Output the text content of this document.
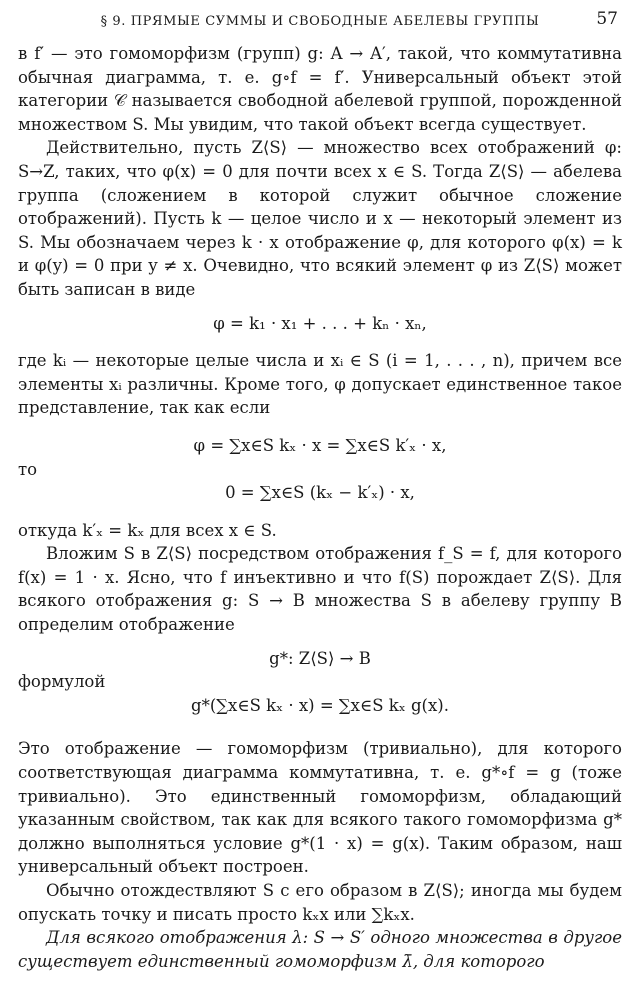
§ 9. ПРЯМЫЕ СУММЫ И СВОБОДНЫЕ АБЕЛЕВЫ ГРУППЫ	57

в f′ — это гомоморфизм (групп) g: A → A′, такой, что коммутативна обычная диаграмма, т. е. g∘f = f′. Универсальный объект этой категории 𝒞 называется свободной абелевой группой, порожденной множеством S. Мы увидим, что такой объект всегда существует.

Действительно, пусть Z⟨S⟩ — множество всех отображений φ: S→Z, таких, что φ(x) = 0 для почти всех x ∈ S. Тогда Z⟨S⟩ — абелева группа (сложением в которой служит обычное сложение отображений). Пусть k — целое число и x — некоторый элемент из S. Мы обозначаем через k · x отображение φ, для которого φ(x) = k и φ(y) = 0 при y ≠ x. Очевидно, что всякий элемент φ из Z⟨S⟩ может быть записан в виде

φ = k₁ · x₁ + . . . + kₙ · xₙ,

где kᵢ — некоторые целые числа и xᵢ ∈ S (i = 1, . . . , n), причем все элементы xᵢ различны. Кроме того, φ допускает единственное такое представление, так как если

φ = ∑x∈S kₓ · x = ∑x∈S k′ₓ · x,

то

0 = ∑x∈S (kₓ − k′ₓ) · x,

откуда k′ₓ = kₓ для всех x ∈ S.

Вложим S в Z⟨S⟩ посредством отображения f_S = f, для которого f(x) = 1 · x. Ясно, что f инъективно и что f(S) порождает Z⟨S⟩. Для всякого отображения g: S → B множества S в абелеву группу B определим отображение

g*: Z⟨S⟩ → B

формулой

g*(∑x∈S kₓ · x) = ∑x∈S kₓ g(x).

Это отображение — гомоморфизм (тривиально), для которого соответствующая диаграмма коммутативна, т. е. g*∘f = g (тоже тривиально). Это единственный гомоморфизм, обладающий указанным свойством, так как для всякого такого гомоморфизма g* должно выполняться условие g*(1 · x) = g(x). Таким образом, наш универсальный объект построен.

Обычно отождествляют S с его образом в Z⟨S⟩; иногда мы будем опускать точку и писать просто kₓx или ∑kₓx.

Для всякого отображения λ: S → S′ одного множества в другое существует единственный гомоморфизм λ̄, для которого
